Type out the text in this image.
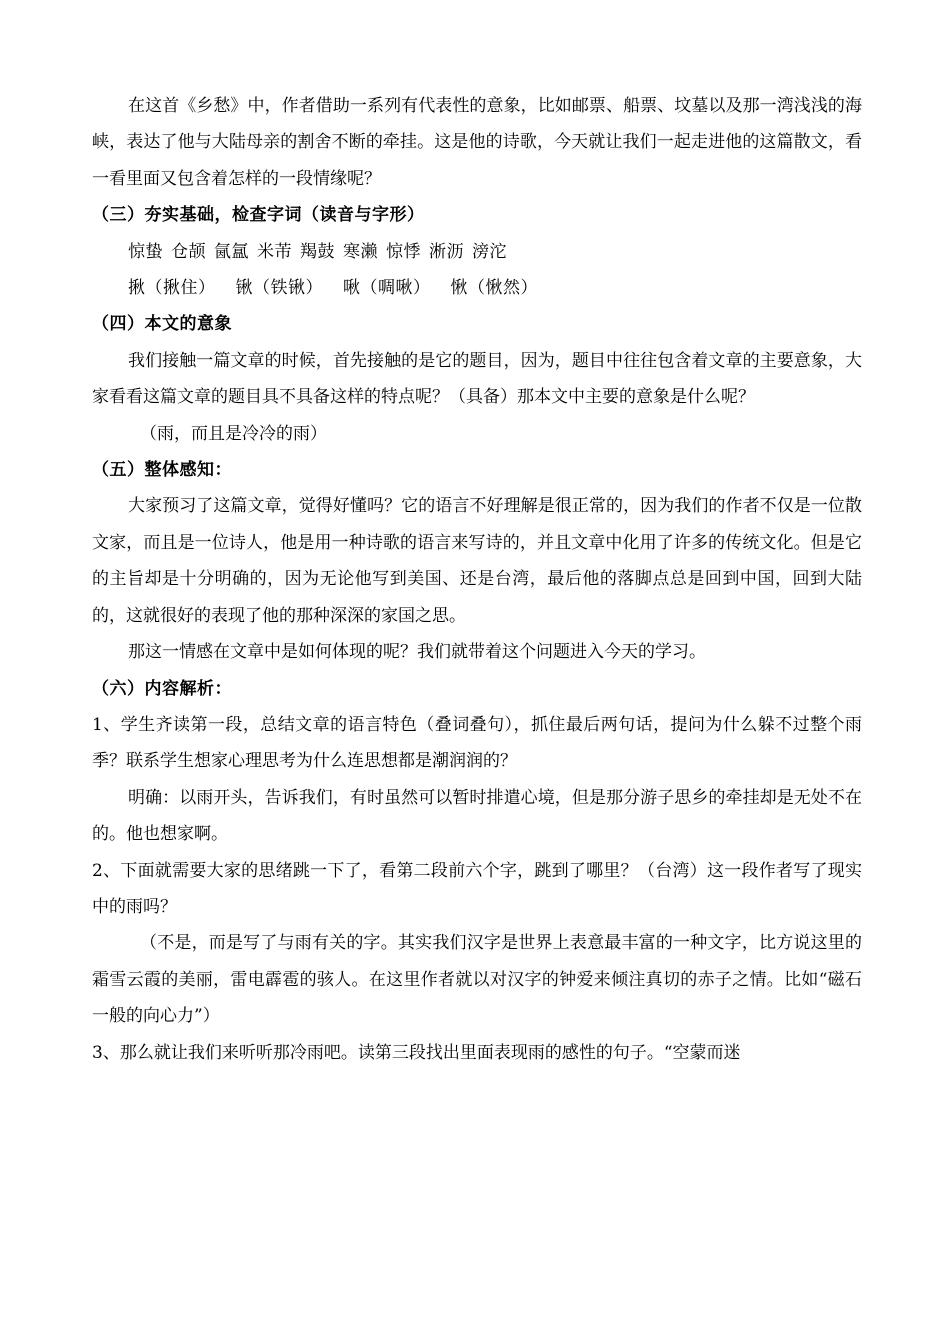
在这首《乡愁》中，作者借助一系列有代表性的意象，比如邮票、船票、坟墓以及那一湾浅浅的海峡，表达了他与大陆母亲的割舍不断的牵挂。这是他的诗歌，今天就让我们一起走进他的这篇散文，看一看里面又包含着怎样的一段情缘呢？

（三）夯实基础，检查字词（读音与字形）

惊蛰 仓颉 氤氲 米芾 羯鼓 寒濑 惊悸 淅沥 滂沱

揪（揪住） 锹（铁锹） 啾（啁啾） 愀（愀然）

（四）本文的意象

我们接触一篇文章的时候，首先接触的是它的题目，因为，题目中往往包含着文章的主要意象，大家看看这篇文章的题目具不具备这样的特点呢？（具备）那本文中主要的意象是什么呢？

（雨，而且是冷冷的雨）

（五）整体感知：

大家预习了这篇文章，觉得好懂吗？它的语言不好理解是很正常的，因为我们的作者不仅是一位散文家，而且是一位诗人，他是用一种诗歌的语言来写诗的，并且文章中化用了许多的传统文化。但是它的主旨却是十分明确的，因为无论他写到美国、还是台湾，最后他的落脚点总是回到中国，回到大陆的，这就很好的表现了他的那种深深的家国之思。

那这一情感在文章中是如何体现的呢？我们就带着这个问题进入今天的学习。

（六）内容解析：

1、学生齐读第一段，总结文章的语言特色（叠词叠句），抓住最后两句话，提问为什么躲不过整个雨季？联系学生想家心理思考为什么连思想都是潮润润的？

明确：以雨开头，告诉我们，有时虽然可以暂时排遣心境，但是那分游子思乡的牵挂却是无处不在的。他也想家啊。

2、下面就需要大家的思绪跳一下了，看第二段前六个字，跳到了哪里？（台湾）这一段作者写了现实中的雨吗？

（不是，而是写了与雨有关的字。其实我们汉字是世界上表意最丰富的一种文字，比方说这里的霜雪云霞的美丽，雷电霹雹的骇人。在这里作者就以对汉字的钟爱来倾注真切的赤子之情。比如“磁石一般的向心力”）

3、那么就让我们来听听那冷雨吧。读第三段找出里面表现雨的感性的句子。“空蒙而迷
